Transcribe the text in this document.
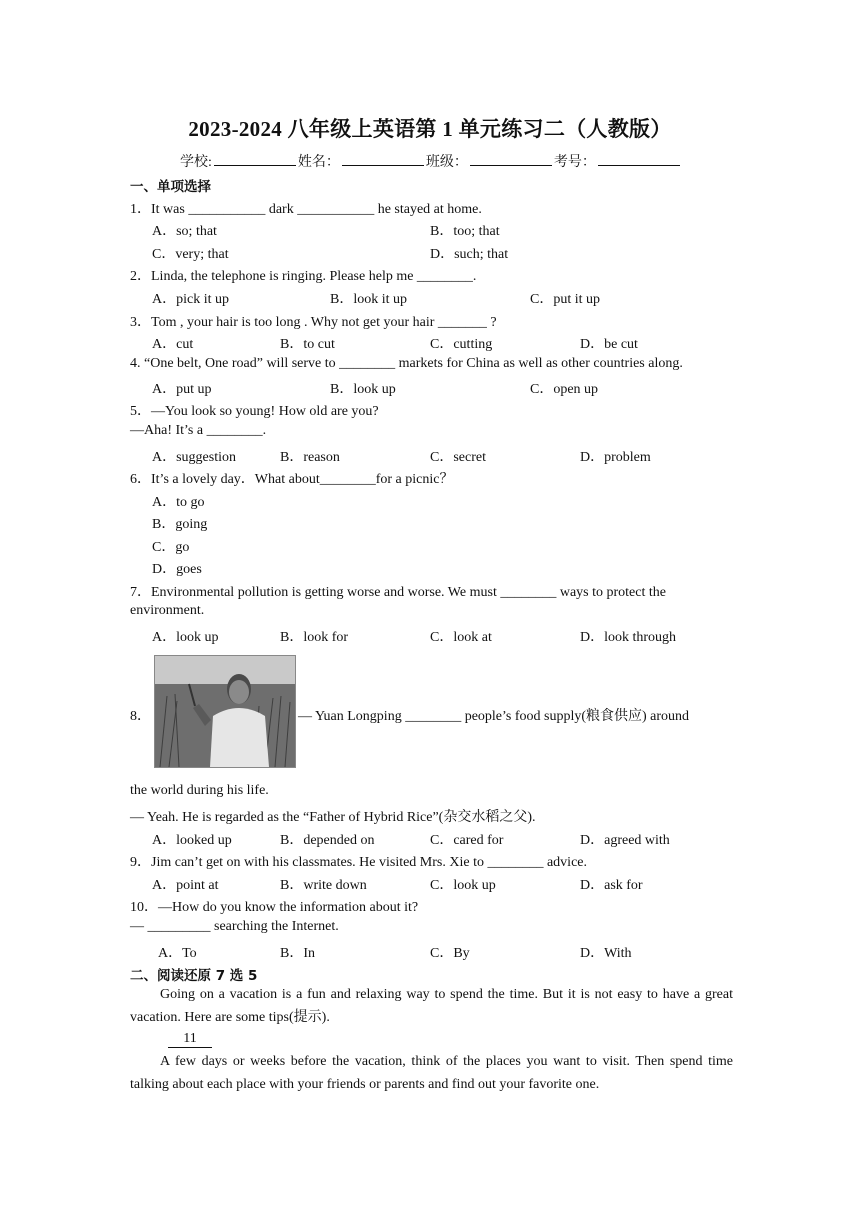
2023-2024 八年级上英语第 1 单元练习二（人教版）
学校:	姓名：	班级：	考号：
一、单项选择
1．It was ___________ dark ___________ he stayed at home.
A．so; that	B．too; that
C．very; that	D．such; that
2．Linda, the telephone is ringing. Please help me ________.
A．pick it up	B．look it up	C．put it up
3．Tom , your hair is too long . Why not get your hair _______ ?
A．cut	B．to cut	C．cutting	D．be cut
4. “One belt, One road” will serve to ________ markets for China as well as other countries along.
A．put up	B．look up	C．open up
5．—You look so young! How old are you?
—Aha! It’s a ________.
A．suggestion	B．reason	C．secret	D．problem
6．It’s a lovely day．What about________for a picnic？
A．to go
B．going
C．go
D．goes
7．Environmental pollution is getting worse and worse. We must ________ ways to protect the
environment.
A．look up	B．look for	C．look at	D．look through
8．	— Yuan Longping ________ people’s food supply(粮食供应) around
the world during his life.
— Yeah. He is regarded as the “Father of Hybrid Rice”(杂交水稻之父).
A．looked up	B．depended on	C．cared for	D．agreed with
9．Jim can’t get on with his classmates. He visited Mrs. Xie to ________ advice.
A．point at	B．write down	C．look up	D．ask for
10．—How do you know the information about it?
— _________ searching the Internet.
A．To	B．In	C．By	D．With
二、阅读还原 7 选 5
Going on a vacation is a fun and relaxing way to spend the time. But it is not easy to have a great vacation. Here are some tips(提示).
11
A few days or weeks before the vacation, think of the places you want to visit. Then spend time talking about each place with your friends or parents and find out your favorite one.
